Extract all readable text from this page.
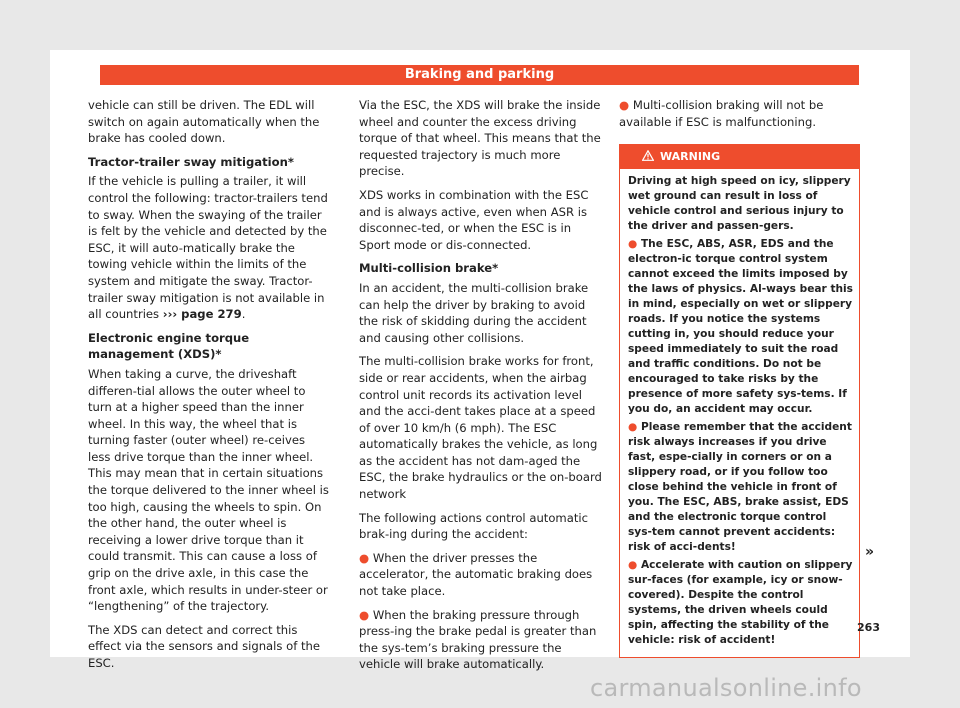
Braking and parking

vehicle can still be driven. The EDL will switch on again automatically when the brake has cooled down.

Tractor-trailer sway mitigation*

If the vehicle is pulling a trailer, it will control the following: tractor-trailers tend to sway. When the swaying of the trailer is felt by the vehicle and detected by the ESC, it will auto-matically brake the towing vehicle within the limits of the system and mitigate the sway. Tractor-trailer sway mitigation is not available in all countries ››› page 279.

Electronic engine torque management (XDS)*

When taking a curve, the driveshaft differen-tial allows the outer wheel to turn at a higher speed than the inner wheel. In this way, the wheel that is turning faster (outer wheel) re-ceives less drive torque than the inner wheel. This may mean that in certain situations the torque delivered to the inner wheel is too high, causing the wheels to spin. On the other hand, the outer wheel is receiving a lower drive torque than it could transmit. This can cause a loss of grip on the drive axle, in this case the front axle, which results in under-steer or “lengthening” of the trajectory.

The XDS can detect and correct this effect via the sensors and signals of the ESC.

Via the ESC, the XDS will brake the inside wheel and counter the excess driving torque of that wheel. This means that the requested trajectory is much more precise.

XDS works in combination with the ESC and is always active, even when ASR is disconnec-ted, or when the ESC is in Sport mode or dis-connected.

Multi-collision brake*

In an accident, the multi-collision brake can help the driver by braking to avoid the risk of skidding during the accident and causing other collisions.

The multi-collision brake works for front, side or rear accidents, when the airbag control unit records its activation level and the acci-dent takes place at a speed of over 10 km/h (6 mph). The ESC automatically brakes the vehicle, as long as the accident has not dam-aged the ESC, the brake hydraulics or the on-board network

The following actions control automatic brak-ing during the accident:

● When the driver presses the accelerator, the automatic braking does not take place.

● When the braking pressure through press-ing the brake pedal is greater than the sys-tem’s braking pressure the vehicle will brake automatically.

● Multi-collision braking will not be available if ESC is malfunctioning.

WARNING

Driving at high speed on icy, slippery wet ground can result in loss of vehicle control and serious injury to the driver and passen-gers.

● The ESC, ABS, ASR, EDS and the electron-ic torque control system cannot exceed the limits imposed by the laws of physics. Al-ways bear this in mind, especially on wet or slippery roads. If you notice the systems cutting in, you should reduce your speed immediately to suit the road and traffic conditions. Do not be encouraged to take risks by the presence of more safety sys-tems. If you do, an accident may occur.

● Please remember that the accident risk always increases if you drive fast, espe-cially in corners or on a slippery road, or if you follow too close behind the vehicle in front of you. The ESC, ABS, brake assist, EDS and the electronic torque control sys-tem cannot prevent accidents: risk of acci-dents!

● Accelerate with caution on slippery sur-faces (for example, icy or snow-covered). Despite the control systems, the driven wheels could spin, affecting the stability of the vehicle: risk of accident!

»
263
carmanualsonline.info
